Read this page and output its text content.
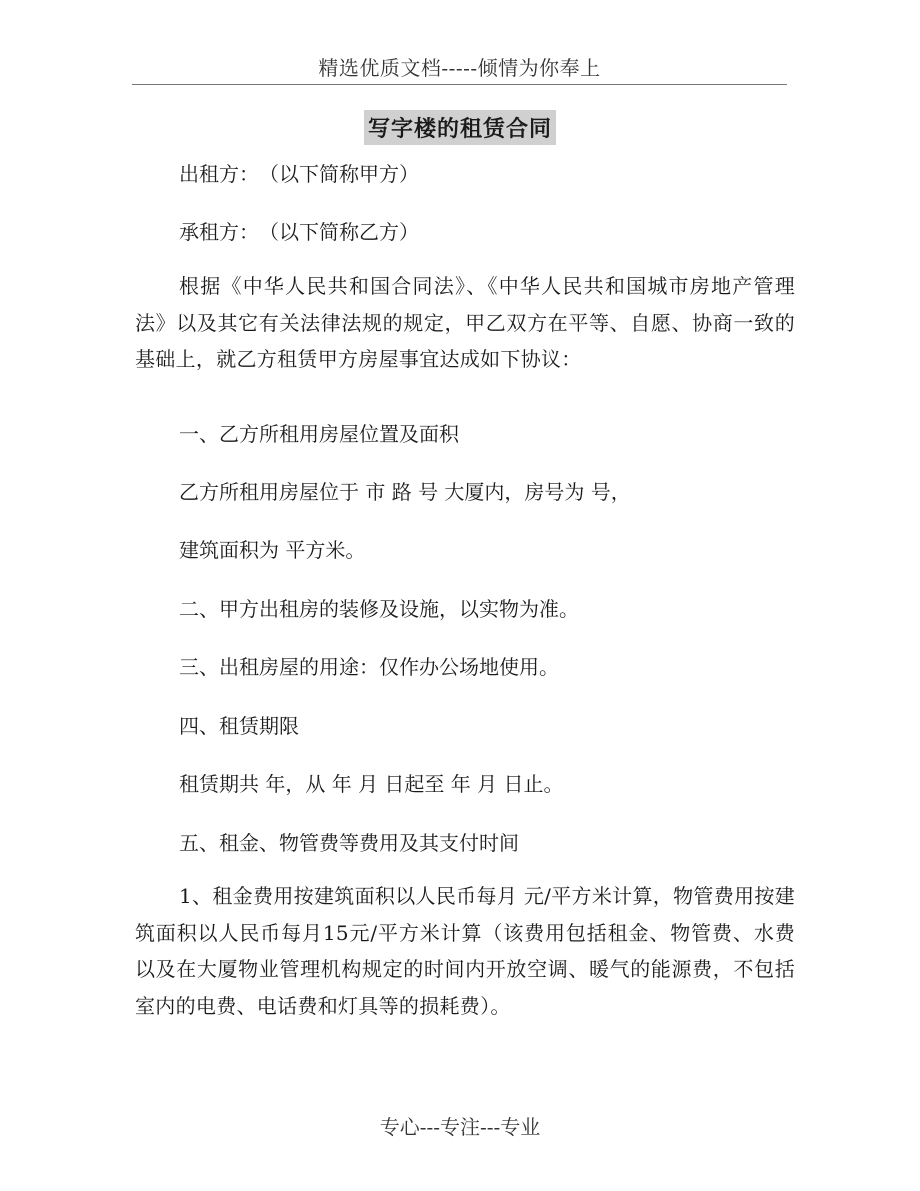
精选优质文档-----倾情为你奉上
写字楼的租赁合同
出租方：　（以下简称甲方）
承租方：　（以下简称乙方）
根据《中华人民共和国合同法》、《中华人民共和国城市房地产管理法》以及其它有关法律法规的规定，甲乙双方在平等、自愿、协商一致的基础上，就乙方租赁甲方房屋事宜达成如下协议：
一、乙方所租用房屋位置及面积
乙方所租用房屋位于 市 路 号 大厦内，房号为 号，
建筑面积为 平方米。
二、甲方出租房的装修及设施，以实物为准。
三、出租房屋的用途：仅作办公场地使用。
四、租赁期限
租赁期共 年，从 年 月 日起至 年 月 日止。
五、租金、物管费等费用及其支付时间
1、租金费用按建筑面积以人民币每月 元/平方米计算，物管费用按建筑面积以人民币每月15元/平方米计算（该费用包括租金、物管费、水费以及在大厦物业管理机构规定的时间内开放空调、暖气的能源费，不包括室内的电费、电话费和灯具等的损耗费）。
专心---专注---专业
